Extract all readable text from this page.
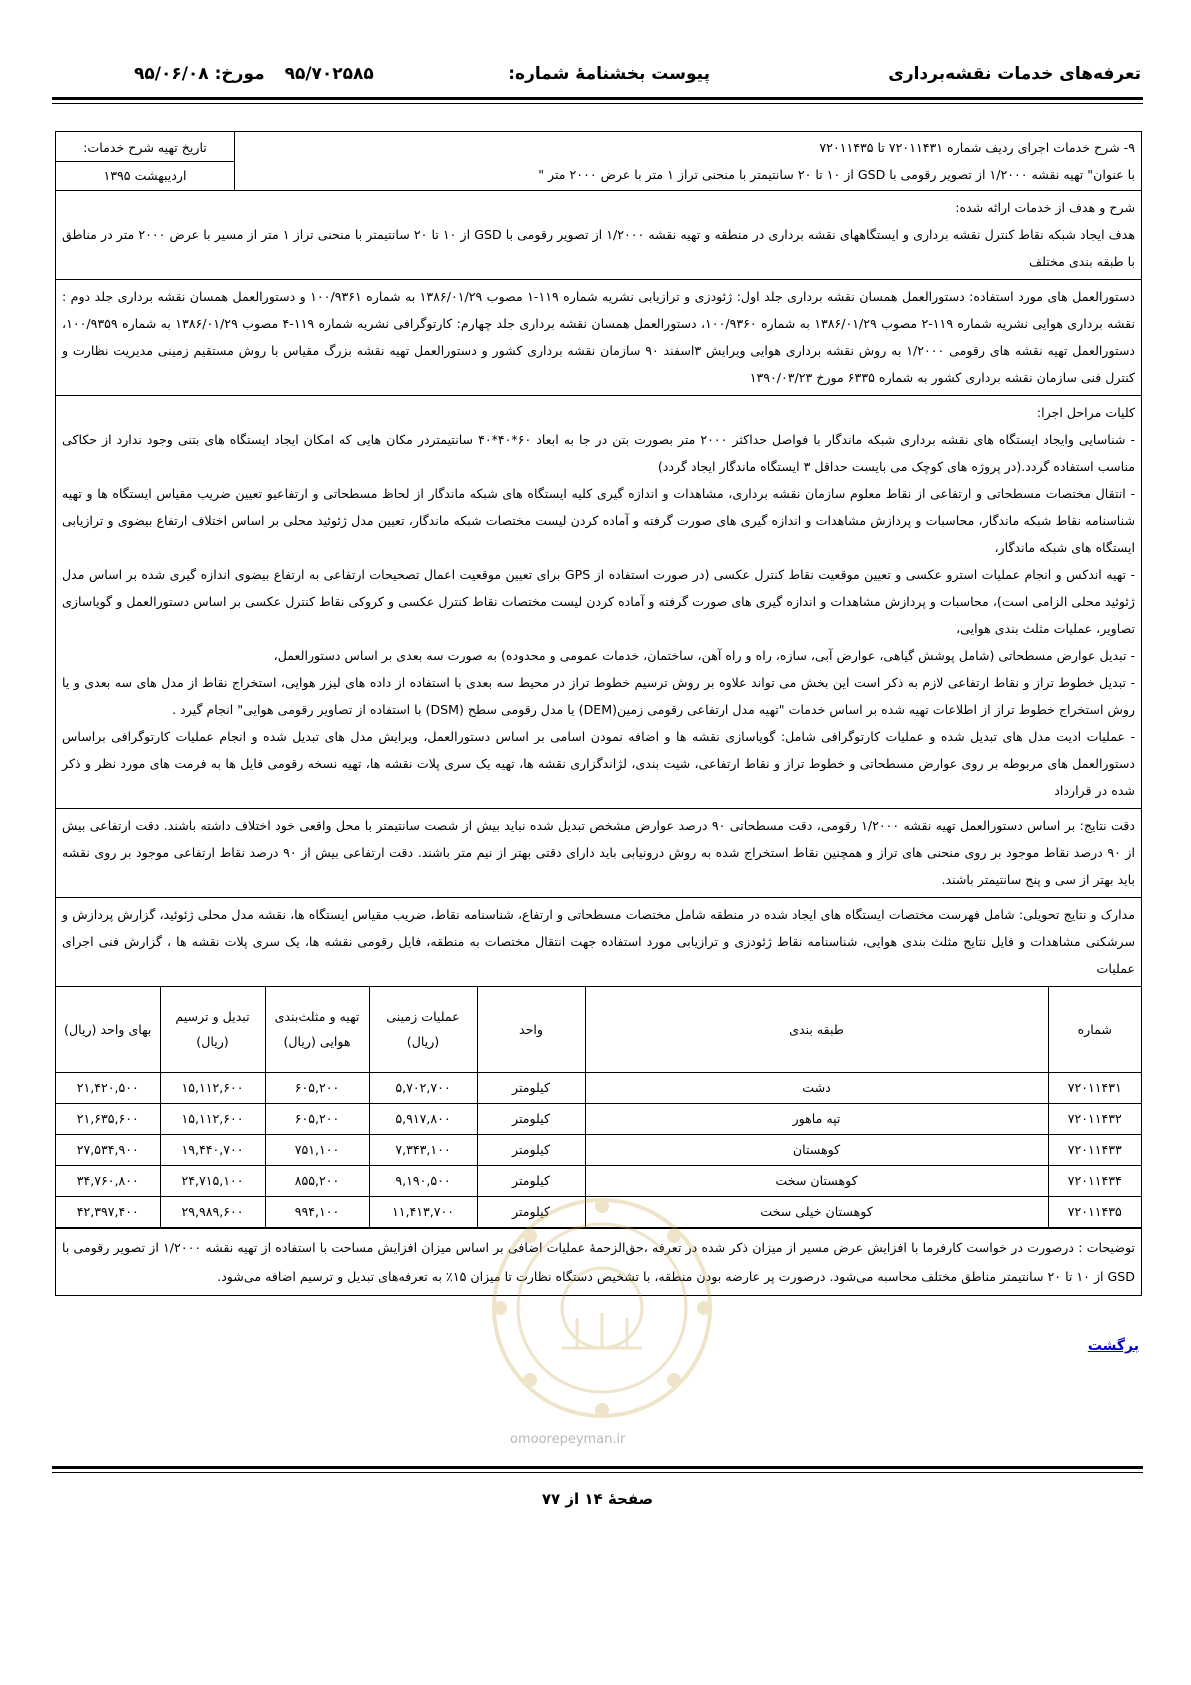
تعرفه‌های خدمات نقشه‌برداری
پیوست بخشنامهٔ شماره:
۹۵/۷۰۲۵۸۵ مورخ: ۹۵/۰۶/۰۸
۹- شرح خدمات اجرای ردیف شماره ۷۲۰۱۱۴۳۱ تا ۷۲۰۱۱۴۳۵
با عنوان" تهیه نقشه ۱/۲۰۰۰ از تصویر رقومی با GSD از ۱۰ تا ۲۰ سانتیمتر با منحنی تراز ۱ متر با عرض ۲۰۰۰ متر "
تاریخ تهیه شرح خدمات:
اردیبهشت ۱۳۹۵
شرح و هدف از خدمات ارائه شده:
هدف ایجاد شبکه نقاط کنترل نقشه برداری و ایستگاههای نقشه برداری در منطقه و تهیه نقشه ۱/۲۰۰۰ از تصویر رقومی با GSD از ۱۰ تا ۲۰ سانتیمتر با منحنی تراز ۱ متر از مسیر با عرض ۲۰۰۰ متر در مناطق با طبقه بندی مختلف
دستورالعمل های مورد استفاده: دستورالعمل همسان نقشه برداری جلد اول: ژئودزی و ترازیابی نشریه شماره ۱۱۹-۱ مصوب ۱۳۸۶/۰۱/۲۹ به شماره ۱۰۰/۹۳۶۱ و دستورالعمل همسان نقشه برداری جلد دوم : نقشه برداری هوایی نشریه شماره ۱۱۹-۲ مصوب ۱۳۸۶/۰۱/۲۹ به شماره ۱۰۰/۹۳۶۰، دستورالعمل همسان نقشه برداری جلد چهارم: کارتوگرافی نشریه شماره ۱۱۹-۴ مصوب ۱۳۸۶/۰۱/۲۹ به شماره ۱۰۰/۹۳۵۹، دستورالعمل تهیه نقشه های رقومی ۱/۲۰۰۰ به روش نقشه برداری هوایی ویرایش ۳اسفند ۹۰ سازمان نقشه برداری کشور و دستورالعمل تهیه نقشه بزرگ مقیاس با روش مستقیم زمینی مدیریت نظارت و کنترل فنی سازمان نقشه برداری کشور به شماره ۶۳۳۵ مورخ ۱۳۹۰/۰۳/۲۳
کلیات مراحل اجرا:
- شناسایی وایجاد ایستگاه های نقشه برداری شبکه ماندگار با فواصل حداکثر ۲۰۰۰ متر بصورت بتن در جا به ابعاد ۶۰*۴۰*۴۰ سانتیمتردر مکان هایی که امکان ایجاد ایستگاه های بتنی وجود ندارد از حکاکی مناسب استفاده گردد.(در پروژه های کوچک می بایست حداقل ۳ ایستگاه ماندگار ایجاد گردد)
- انتقال مختصات مسطحاتی و ارتفاعی از نقاط معلوم سازمان نقشه برداری، مشاهدات و اندازه گیری کلیه ایستگاه های شبکه ماندگار از لحاظ مسطحاتی و ارتفاعیو تعیین ضریب مقیاس ایستگاه ها و تهیه شناسنامه نقاط شبکه ماندگار، محاسبات و پردازش مشاهدات و اندازه گیری های صورت گرفته و آماده کردن لیست مختصات شبکه ماندگار، تعیین مدل ژئوئید محلی بر اساس اختلاف ارتفاع بیضوی و ترازیابی ایستگاه های شبکه ماندگار،
- تهیه اندکس و انجام عملیات استرو عکسی و تعیین موقعیت نقاط کنترل عکسی (در صورت استفاده از GPS برای تعیین موقعیت اعمال تصحیحات ارتفاعی به ارتفاع بیضوی اندازه گیری شده بر اساس مدل ژئوئید محلی الزامی است)، محاسبات و پردازش مشاهدات و اندازه گیری های صورت گرفته و آماده کردن لیست مختصات نقاط کنترل عکسی و کروکی نقاط کنترل عکسی بر اساس دستورالعمل و گویاسازی تصاویر، عملیات مثلث بندی هوایی،
- تبدیل عوارض مسطحاتی (شامل پوشش گیاهی، عوارض آبی، سازه، راه و راه آهن، ساختمان، خدمات عمومی و محدوده) به صورت سه بعدی بر اساس دستورالعمل،
- تبدیل خطوط تراز و نقاط ارتفاعی لازم به ذکر است این بخش می تواند علاوه بر روش ترسیم خطوط تراز در محیط سه بعدی با استفاده از داده های لیزر هوایی، استخراج نقاط از مدل های سه بعدی و یا روش استخراج خطوط تراز از اطلاعات تهیه شده بر اساس خدمات "تهیه مدل ارتفاعی رقومی زمین(DEM) یا مدل رقومی سطح (DSM) با استفاده از تصاویر رقومی هوایی" انجام گیرد .
- عملیات ادیت مدل های تبدیل شده و عملیات کارتوگرافی شامل: گویاسازی نقشه ها و اضافه نمودن اسامی بر اساس دستورالعمل، ویرایش مدل های تبدیل شده و انجام عملیات کارتوگرافی براساس دستورالعمل های مربوطه بر روی عوارض مسطحاتی و خطوط تراز و نقاط ارتفاعی، شیت بندی، لژاندگزاری نقشه ها، تهیه یک سری پلات نقشه ها، تهیه نسخه رقومی فایل ها به فرمت های مورد نظر و ذکر شده در قرارداد
دقت نتایج: بر اساس دستورالعمل تهیه نقشه ۱/۲۰۰۰ رقومی، دقت مسطحاتی ۹۰ درصد عوارض مشخص تبدیل شده نباید بیش از شصت سانتیمتر با محل واقعی خود اختلاف داشته باشند. دقت ارتفاعی بیش از ۹۰ درصد نقاط موجود بر روی منحنی های تراز و همچنین نقاط استخراج شده به روش درونیابی باید دارای دقتی بهتر از نیم متر باشند. دقت ارتفاعی بیش از ۹۰ درصد نقاط ارتفاعی موجود بر روی نقشه باید بهتر از سی و پنج سانتیمتر باشند.
مدارک و نتایج تحویلی: شامل فهرست مختصات ایستگاه های ایجاد شده در منطقه شامل مختصات مسطحاتی و ارتفاع، شناسنامه نقاط، ضریب مقیاس ایستگاه ها، نقشه مدل محلی ژئوئید، گزارش پردازش و سرشکنی مشاهدات و فایل نتایج مثلث بندی هوایی، شناسنامه نقاط ژئودزی و ترازیابی مورد استفاده جهت انتقال مختصات به منطقه، فایل رقومی نقشه ها، یک سری پلات نقشه ها ، گزارش فنی اجرای عملیات
شماره	طبقه بندی	واحد	عملیات زمینی (ریال)	تهیه و مثلث‌بندی هوایی (ریال)	تبدیل و ترسیم (ریال)	بهای واحد (ریال)
۷۲۰۱۱۴۳۱	دشت	کیلومتر	۵,۷۰۲,۷۰۰	۶۰۵,۲۰۰	۱۵,۱۱۲,۶۰۰	۲۱,۴۲۰,۵۰۰
۷۲۰۱۱۴۳۲	تپه ماهور	کیلومتر	۵,۹۱۷,۸۰۰	۶۰۵,۲۰۰	۱۵,۱۱۲,۶۰۰	۲۱,۶۳۵,۶۰۰
۷۲۰۱۱۴۳۳	کوهستان	کیلومتر	۷,۳۴۳,۱۰۰	۷۵۱,۱۰۰	۱۹,۴۴۰,۷۰۰	۲۷,۵۳۴,۹۰۰
۷۲۰۱۱۴۳۴	کوهستان سخت	کیلومتر	۹,۱۹۰,۵۰۰	۸۵۵,۲۰۰	۲۴,۷۱۵,۱۰۰	۳۴,۷۶۰,۸۰۰
۷۲۰۱۱۴۳۵	کوهستان خیلی سخت	کیلومتر	۱۱,۴۱۳,۷۰۰	۹۹۴,۱۰۰	۲۹,۹۸۹,۶۰۰	۴۲,۳۹۷,۴۰۰
توضیحات : درصورت در خواست کارفرما با افزایش عرض مسیر از میزان ذکر شده در تعرفه ،حق‌الزحمهٔ عملیات اضافی بر اساس میزان افزایش مساحت با استفاده از تهیه نقشه ۱/۲۰۰۰ از تصویر رقومی با GSD از ۱۰ تا ۲۰ سانتیمتر مناطق مختلف محاسبه می‌شود. درصورت پر عارضه بودن منطقه، با تشخیص دستگاه نظارت تا میزان ۱۵٪ به تعرفه‌های تبدیل و ترسیم اضافه می‌شود.
برگشت
omoorepeyman.ir
صفحهٔ ۱۴ از ۷۷
